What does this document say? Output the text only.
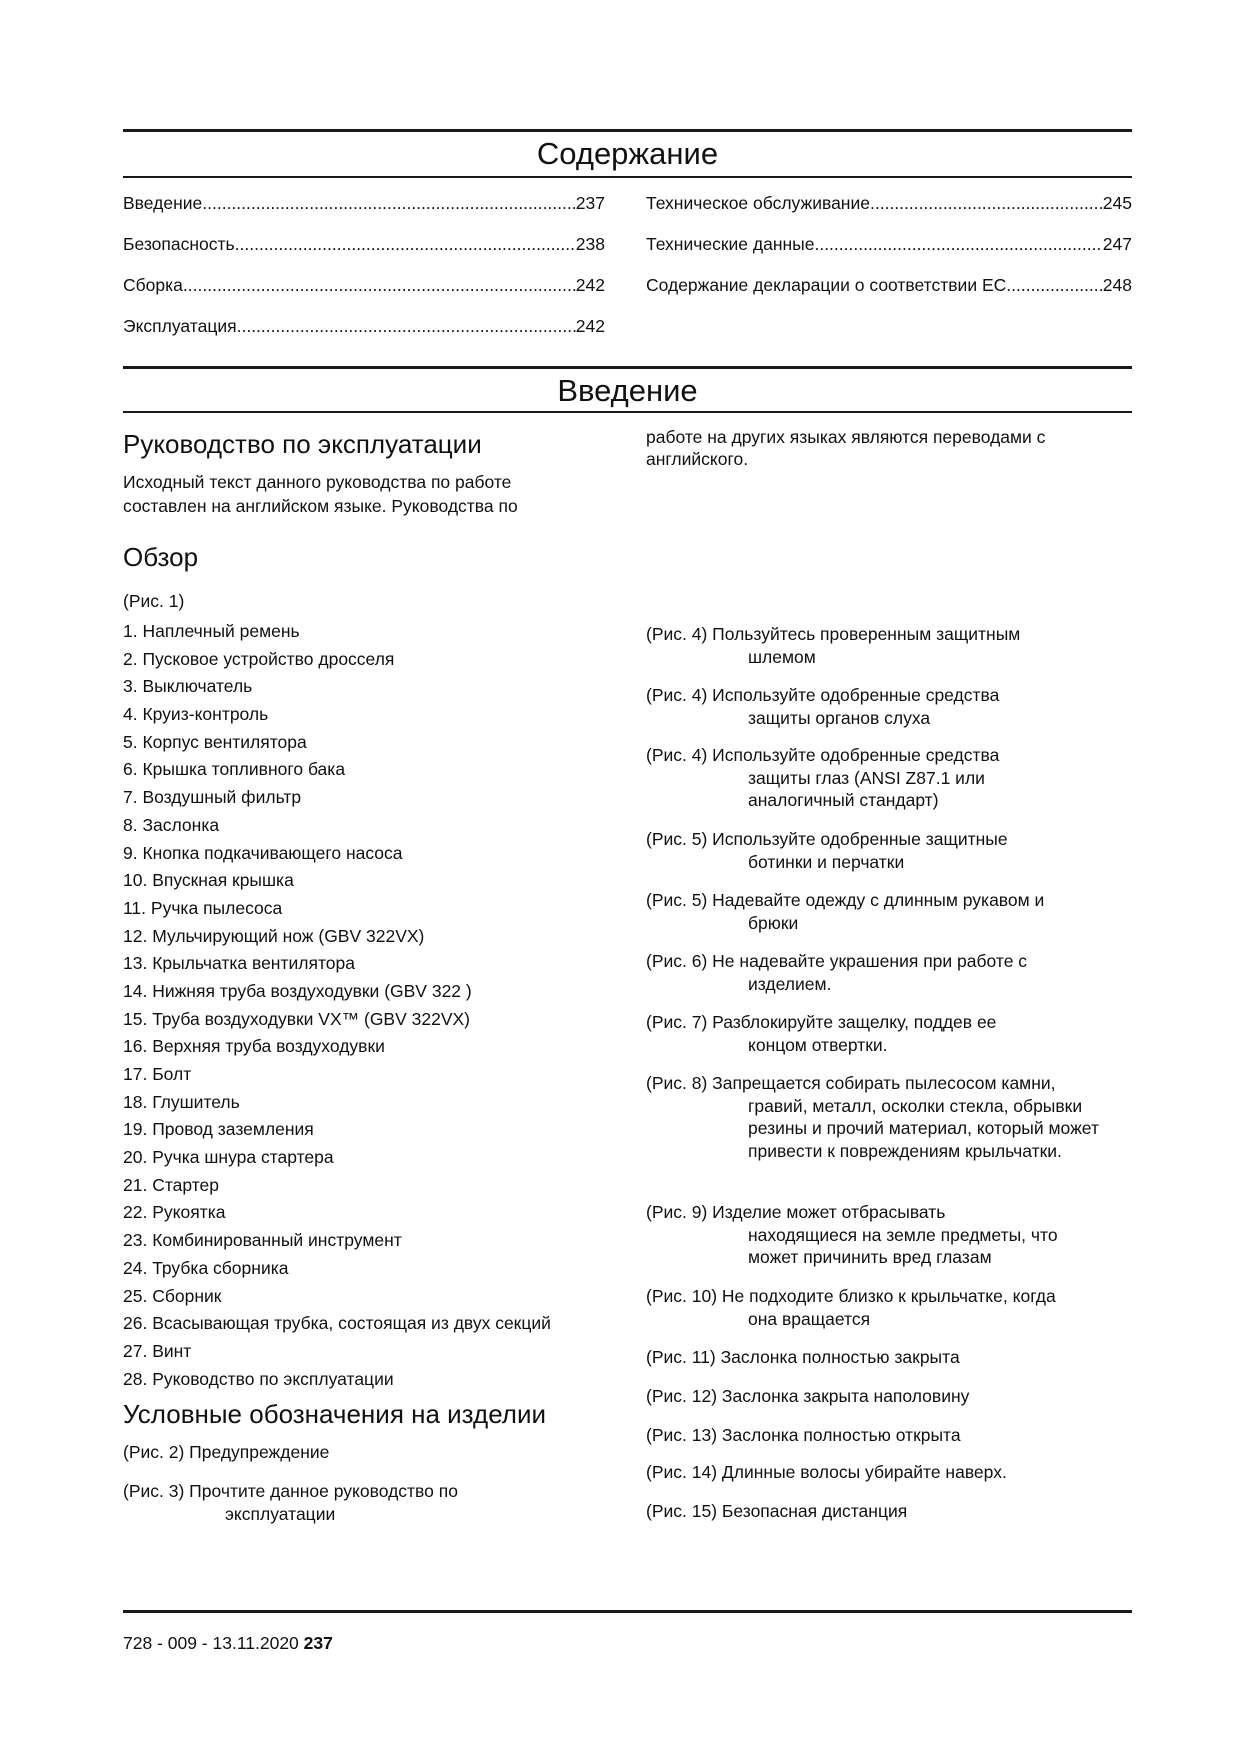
Содержание
Введение .....	237
Безопасность .....	238
Сборка .....	242
Эксплуатация .....	242
Техническое обслуживание .....	245
Технические данные .....	247
Содержание декларации о соответствии ЕС .....	248
Введение
Руководство по эксплуатации
Исходный текст данного руководства по работе
составлен на английском языке. Руководства по
работе на других языках являются переводами с
английского.
Обзор
(Рис. 1)
1. Наплечный ремень
2. Пусковое устройство дросселя
3. Выключатель
4. Круиз-контроль
5. Корпус вентилятора
6. Крышка топливного бака
7. Воздушный фильтр
8. Заслонка
9. Кнопка подкачивающего насоса
10. Впускная крышка
11. Ручка пылесоса
12. Мульчирующий нож (GBV 322VX)
13. Крыльчатка вентилятора
14. Нижняя труба воздуходувки (GBV 322 )
15. Труба воздуходувки VX™ (GBV 322VX)
16. Верхняя труба воздуходувки
17. Болт
18. Глушитель
19. Провод заземления
20. Ручка шнура стартера
21. Стартер
22. Рукоятка
23. Комбинированный инструмент
24. Трубка сборника
25. Сборник
26. Всасывающая трубка, состоящая из двух секций
27. Винт
28. Руководство по эксплуатации
Условные обозначения на изделии
(Рис. 2) Предупреждение
(Рис. 3) Прочтите данное руководство по
эксплуатации
(Рис. 4) Пользуйтесь проверенным защитным
шлемом
(Рис. 4) Используйте одобренные средства
защиты органов слуха
(Рис. 4) Используйте одобренные средства
защиты глаз (ANSI Z87.1 или аналогичный стандарт)
(Рис. 5) Используйте одобренные защитные
ботинки и перчатки
(Рис. 5) Надевайте одежду с длинным рукавом и
брюки
(Рис. 6) Не надевайте украшения при работе с
изделием.
(Рис. 7) Разблокируйте защелку, поддев ее
концом отвертки.
(Рис. 8) Запрещается собирать пылесосом камни,
гравий, металл, осколки стекла, обрывки резины и прочий материал, который может привести к повреждениям крыльчатки.
(Рис. 9) Изделие может отбрасывать
находящиеся на земле предметы, что может причинить вред глазам
(Рис. 10) Не подходите близко к крыльчатке, когда
она вращается
(Рис. 11) Заслонка полностью закрыта
(Рис. 12) Заслонка закрыта наполовину
(Рис. 13) Заслонка полностью открыта
(Рис. 14) Длинные волосы убирайте наверх.
(Рис. 15) Безопасная дистанция
728 - 009 - 13.11.2020 237
